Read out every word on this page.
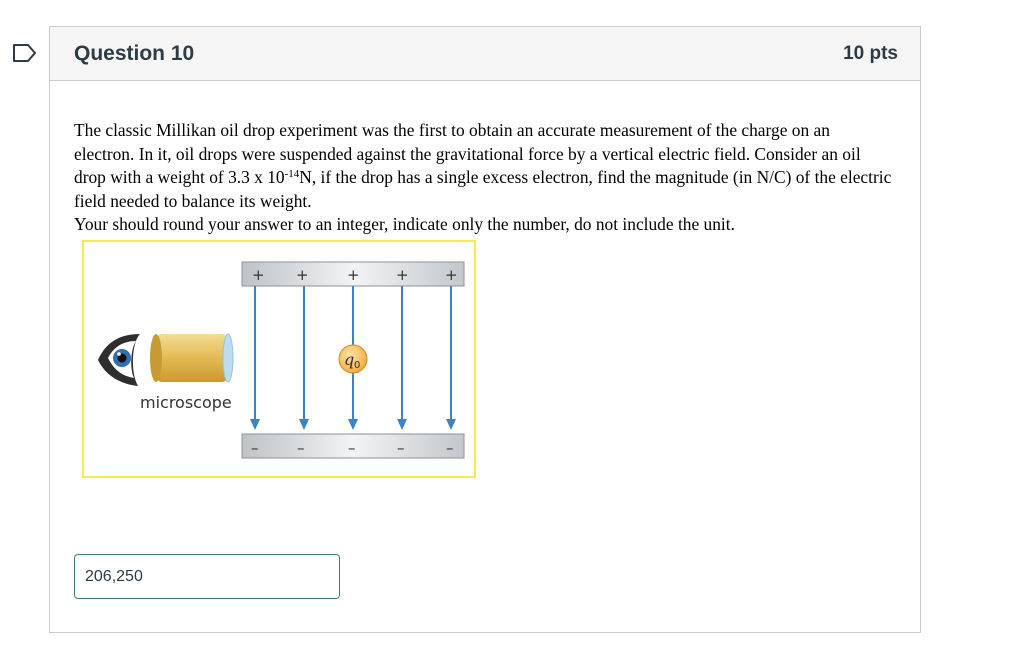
Question 10	10 pts

The classic Millikan oil drop experiment was the first to obtain an accurate measurement of the charge on an electron. In it, oil drops were suspended against the gravitational force by a vertical electric field. Consider an oil drop with a weight of 3.3 x $10^{-14}N$, if the drop has a single excess electron, find the magnitude (in N/C) of the electric field needed to balance its weight.

Your should round your answer to an integer, indicate only the number, do not include the unit.

+ +	+ + +
–	–	–	–	–
q 0
microscope
206,250
